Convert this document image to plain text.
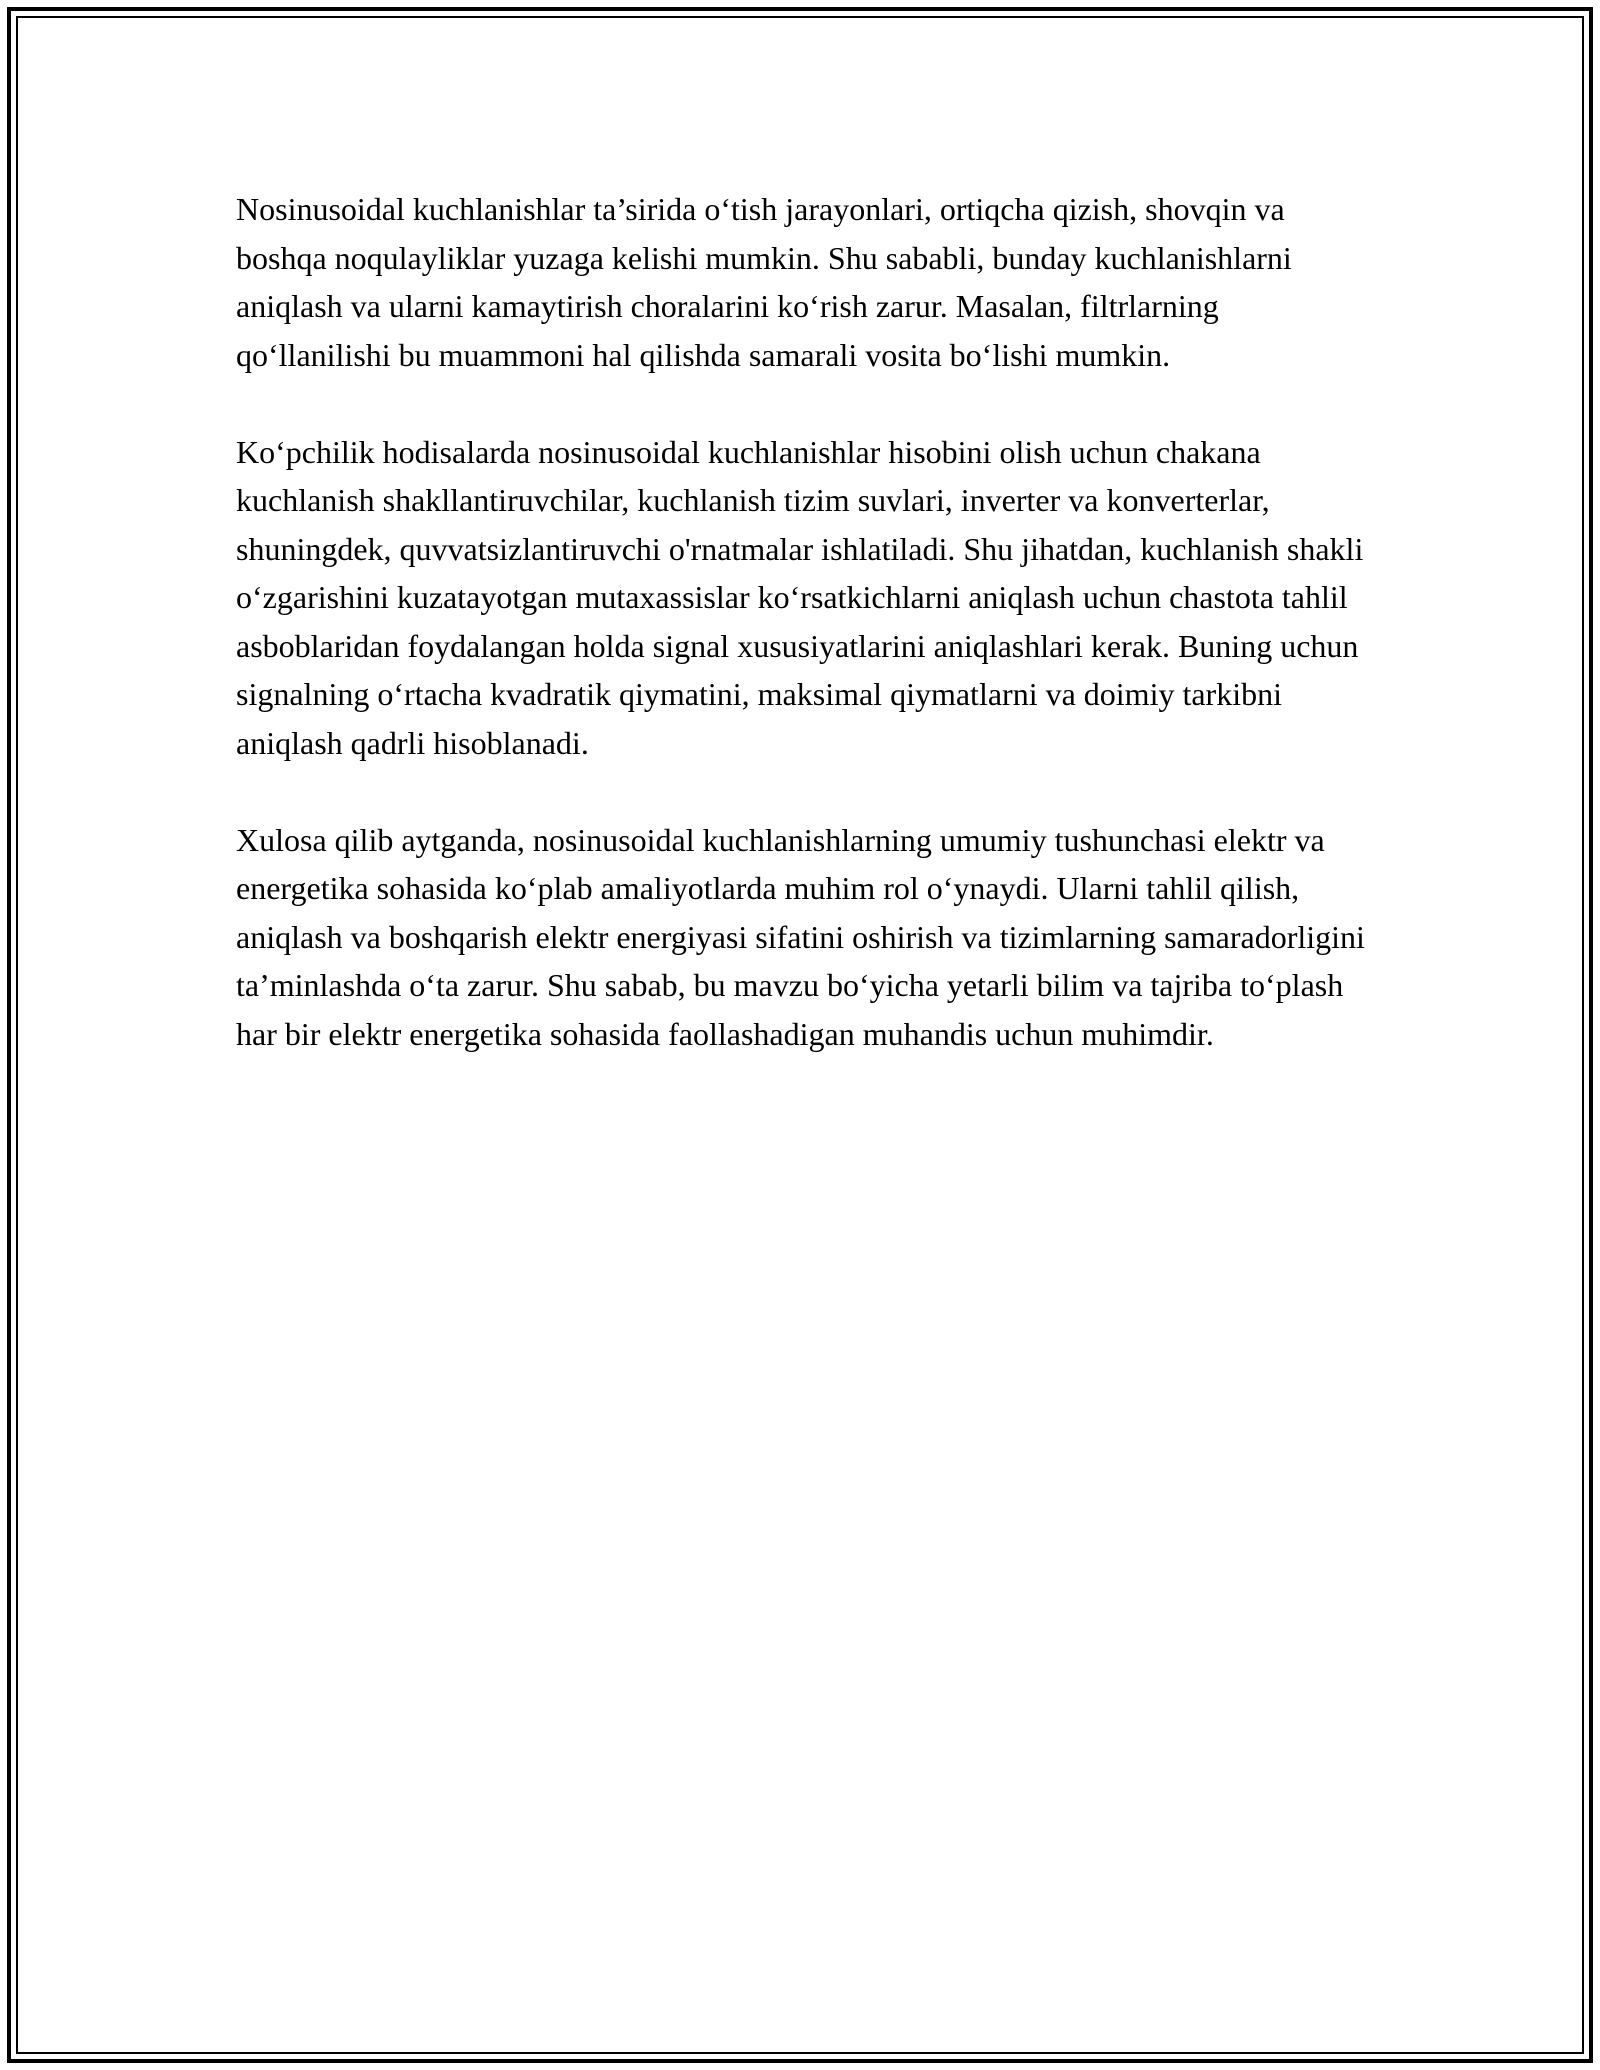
Nosinusoidal kuchlanishlar ta’sirida o‘tish jarayonlari, ortiqcha qizish, shovqin va boshqa noqulayliklar yuzaga kelishi mumkin. Shu sababli, bunday kuchlanishlarni aniqlash va ularni kamaytirish choralarini ko‘rish zarur. Masalan, filtrlarning qo‘llanilishi bu muammoni hal qilishda samarali vosita bo‘lishi mumkin.

Ko‘pchilik hodisalarda nosinusoidal kuchlanishlar hisobini olish uchun chakana kuchlanish shakllantiruvchilar, kuchlanish tizim suvlari, inverter va konverterlar, shuningdek, quvvatsizlantiruvchi o'rnatmalar ishlatiladi. Shu jihatdan, kuchlanish shakli o‘zgarishini kuzatayotgan mutaxassislar ko‘rsatkichlarni aniqlash uchun chastota tahlil asboblaridan foydalangan holda signal xususiyatlarini aniqlashlari kerak. Buning uchun signalning o‘rtacha kvadratik qiymatini, maksimal qiymatlarni va doimiy tarkibni aniqlash qadrli hisoblanadi.

Xulosa qilib aytganda, nosinusoidal kuchlanishlarning umumiy tushunchasi elektr va energetika sohasida ko‘plab amaliyotlarda muhim rol o‘ynaydi. Ularni tahlil qilish, aniqlash va boshqarish elektr energiyasi sifatini oshirish va tizimlarning samaradorligini ta’minlashda o‘ta zarur. Shu sabab, bu mavzu bo‘yicha yetarli bilim va tajriba to‘plash har bir elektr energetika sohasida faollashadigan muhandis uchun muhimdir.
